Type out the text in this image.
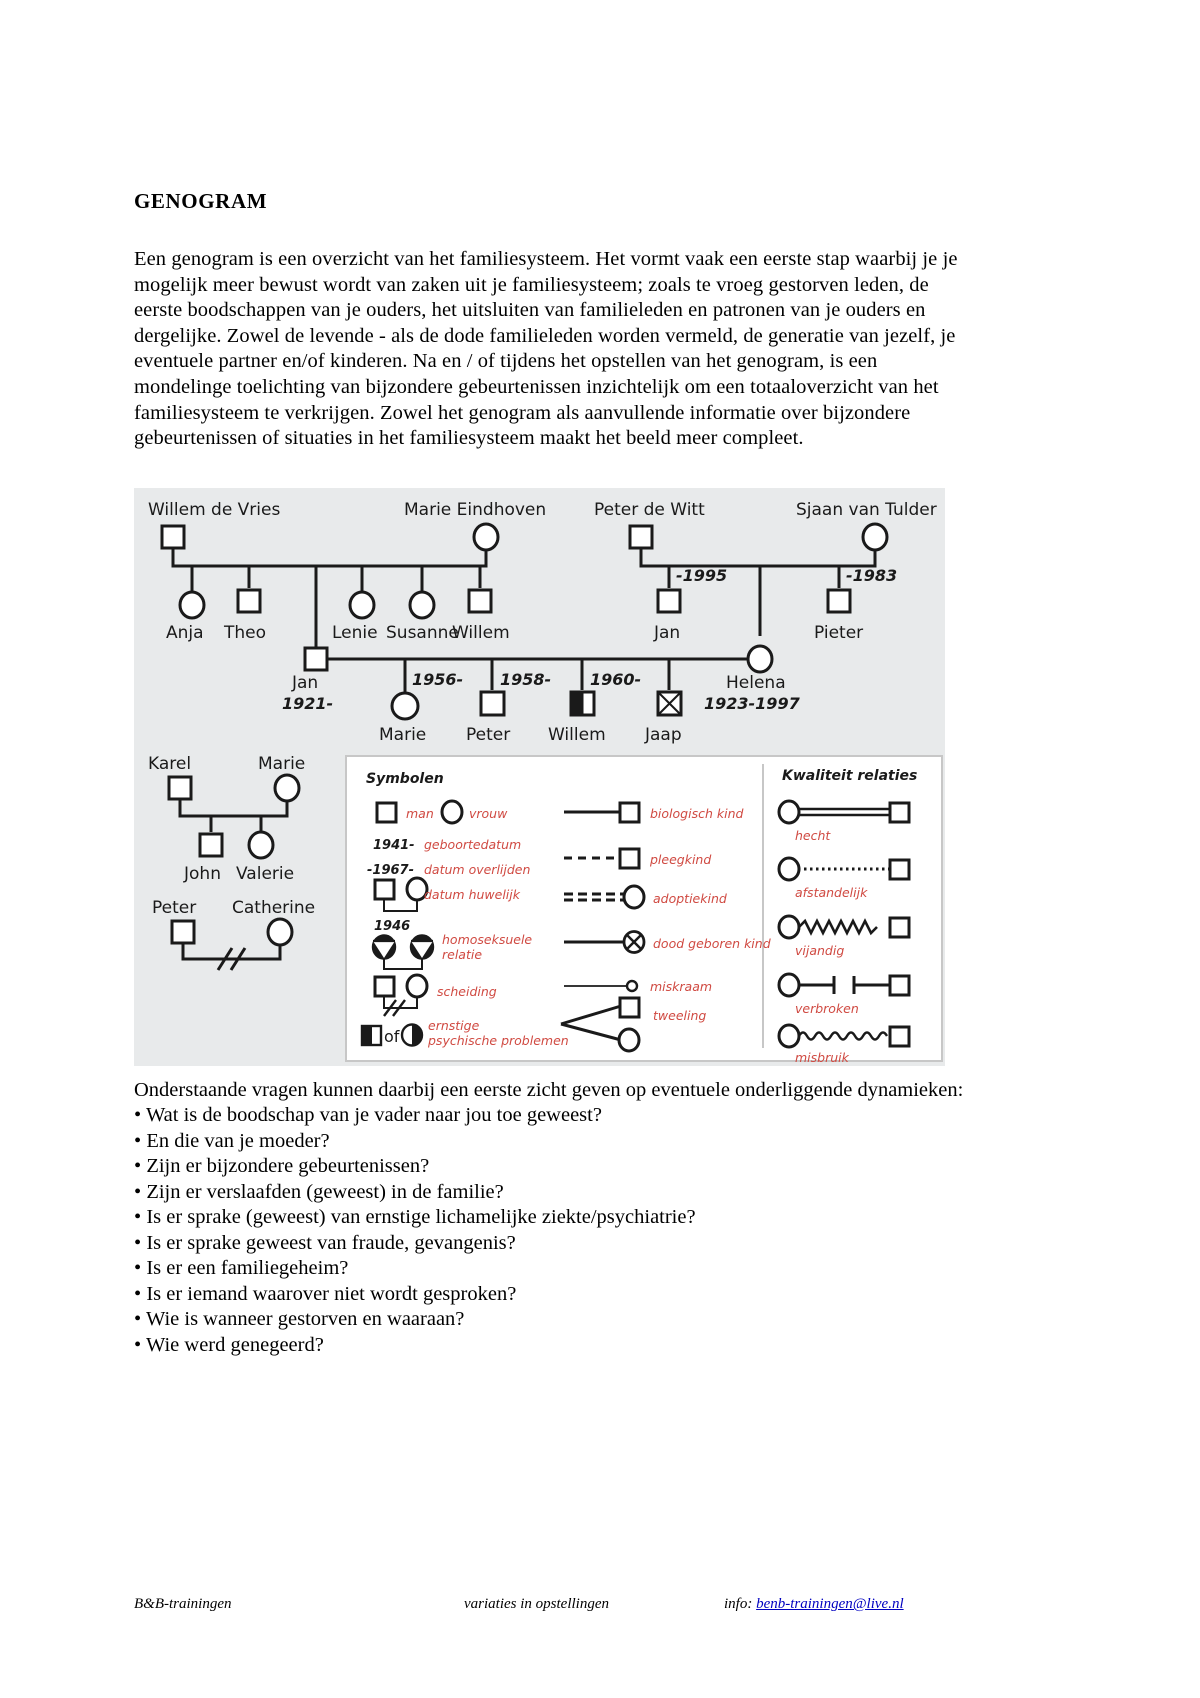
GENOGRAM

Een genogram is een overzicht van het familiesysteem. Het vormt vaak een eerste stap waarbij je je mogelijk meer bewust wordt van zaken uit je familiesysteem; zoals te vroeg gestorven leden, de eerste boodschappen van je ouders, het uitsluiten van familieleden en patronen van je ouders en dergelijke. Zowel de levende - als de dode familieleden worden vermeld, de generatie van jezelf, je eventuele partner en/of kinderen. Na en / of tijdens het opstellen van het genogram, is een mondelinge toelichting van bijzondere gebeurtenissen inzichtelijk om een totaaloverzicht van het familiesysteem te verkrijgen. Zowel het genogram als aanvullende informatie over bijzondere gebeurtenissen of situaties in het familiesysteem maakt het beeld meer compleet.

Willem de Vries	Marie Eindhoven	Peter de Witt	Sjaan van Tulder
Anja Theo	Lenie Susanne
Willem
-1995	-1983
Jan	Pieter
Jan
1921-
Helena
1923-1997
1956- 1958- 1960-
Marie Peter Willem Jaap
Karel	Marie
John Valerie
Peter Catherine
Symbolen	Kwaliteit relaties
man	vrouw
1941- geboortedatum
-1967- datum overlijden
datum huwelijk
1946
homoseksuele
relatie
scheiding
of
ernstige
psychische problemen
biologisch kind
pleegkind
adoptiekind
dood geboren kind
miskraam
tweeling
hecht
afstandelijk
vijandig
verbroken
misbruik

Onderstaande vragen kunnen daarbij een eerste zicht geven op eventuele onderliggende dynamieken:

• Wat is de boodschap van je vader naar jou toe geweest?
• En die van je moeder?
• Zijn er bijzondere gebeurtenissen?
• Zijn er verslaafden (geweest) in de familie?
• Is er sprake (geweest) van ernstige lichamelijke ziekte/psychiatrie?
• Is er sprake geweest van fraude, gevangenis?
• Is er een familiegeheim?
• Is er iemand waarover niet wordt gesproken?
• Wie is wanneer gestorven en waaraan?
• Wie werd genegeerd?
B&B-trainingen	variaties in opstellingen	info: benb-trainingen@live.nl
